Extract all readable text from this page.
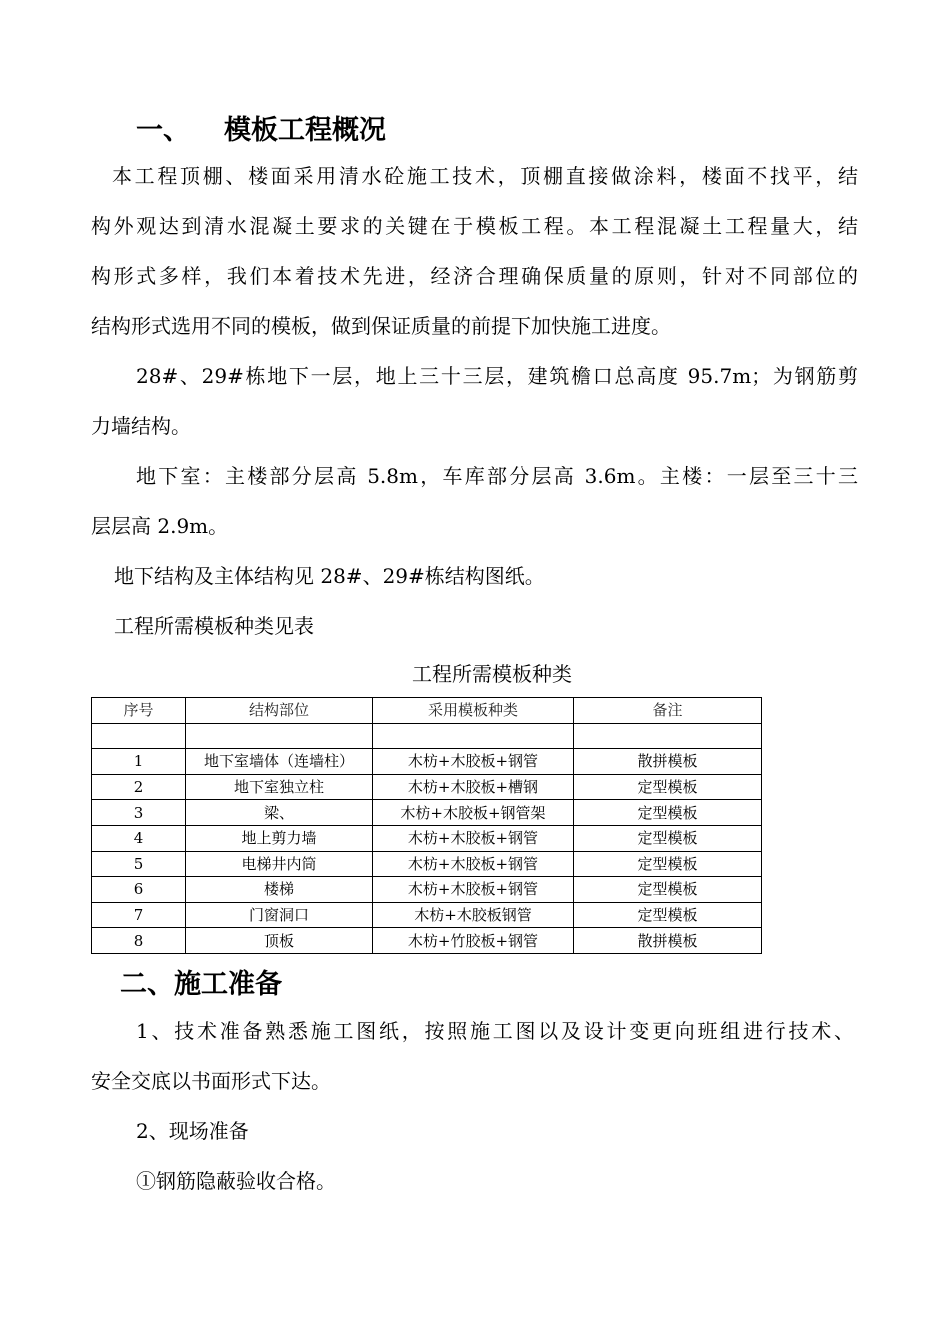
一、 模板工程概况
本工程顶棚、楼面采用清水砼施工技术，顶棚直接做涂料，楼面不找平，结
构外观达到清水混凝土要求的关键在于模板工程。本工程混凝土工程量大，结
构形式多样，我们本着技术先进，经济合理确保质量的原则，针对不同部位的
结构形式选用不同的模板，做到保证质量的前提下加快施工进度。
28#、29#栋地下一层，地上三十三层，建筑檐口总高度 95.7m；为钢筋剪
力墙结构。
地下室：主楼部分层高 5.8m，车库部分层高 3.6m。主楼：一层至三十三
层层高 2.9m。
地下结构及主体结构见 28#、29#栋结构图纸。
工程所需模板种类见表
工程所需模板种类
序号	结构部位	采用模板种类	备注

1	地下室墙体（连墙柱）	木枋+木胶板+钢管	散拼模板
2	地下室独立柱	木枋+木胶板+槽钢	定型模板
3	梁、	木枋+木胶板+钢管架	定型模板
4	地上剪力墙	木枋+木胶板+钢管	定型模板
5	电梯井内筒	木枋+木胶板+钢管	定型模板
6	楼梯	木枋+木胶板+钢管	定型模板
7	门窗洞口	木枋+木胶板钢管	定型模板
8	顶板	木枋+竹胶板+钢管	散拼模板
二、施工准备
1、技术准备熟悉施工图纸，按照施工图以及设计变更向班组进行技术、
安全交底以书面形式下达。
2、现场准备
①钢筋隐蔽验收合格。
